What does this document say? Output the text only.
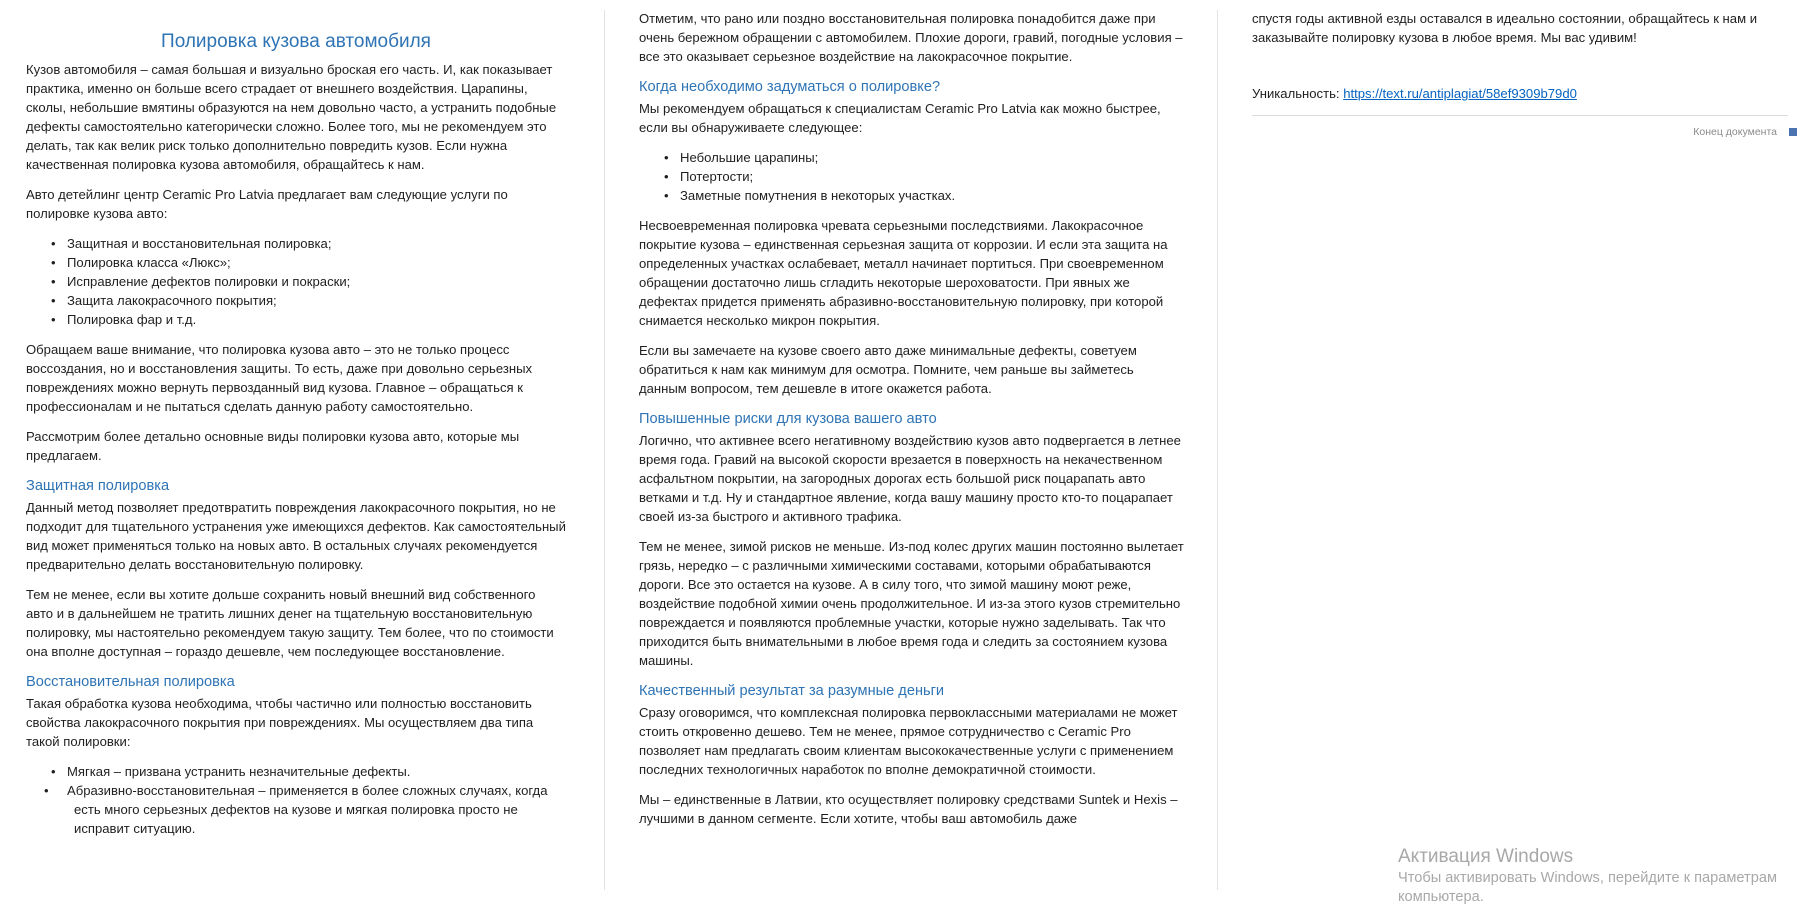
Полировка кузова автомобиля

Кузов автомобиля – самая большая и визуально броская его часть. И, как показывает практика, именно он больше всего страдает от внешнего воздействия. Царапины, сколы, небольшие вмятины образуются на нем довольно часто, а устранить подобные дефекты самостоятельно категорически сложно. Более того, мы не рекомендуем это делать, так как велик риск только дополнительно повредить кузов. Если нужна качественная полировка кузова автомобиля, обращайтесь к нам.

Авто детейлинг центр Ceramic Pro Latvia предлагает вам следующие услуги по полировке кузова авто:

• Защитная и восстановительная полировка;
• Полировка класса «Люкс»;
• Исправление дефектов полировки и покраски;
• Защита лакокрасочного покрытия;
• Полировка фар и т.д.

Обращаем ваше внимание, что полировка кузова авто – это не только процесс воссоздания, но и восстановления защиты. То есть, даже при довольно серьезных повреждениях можно вернуть первозданный вид кузова. Главное – обращаться к профессионалам и не пытаться сделать данную работу самостоятельно.

Рассмотрим более детально основные виды полировки кузова авто, которые мы предлагаем.

Защитная полировка

Данный метод позволяет предотвратить повреждения лакокрасочного покрытия, но не подходит для тщательного устранения уже имеющихся дефектов. Как самостоятельный вид может применяться только на новых авто. В остальных случаях рекомендуется предварительно делать восстановительную полировку.

Тем не менее, если вы хотите дольше сохранить новый внешний вид собственного авто и в дальнейшем не тратить лишних денег на тщательную восстановительную полировку, мы настоятельно рекомендуем такую защиту. Тем более, что по стоимости она вполне доступная – гораздо дешевле, чем последующее восстановление.

Восстановительная полировка

Такая обработка кузова необходима, чтобы частично или полностью восстановить свойства лакокрасочного покрытия при повреждениях. Мы осуществляем два типа такой полировки:

• Мягкая – призвана устранить незначительные дефекты.
• Абразивно-восстановительная – применяется в более сложных случаях, когда есть много серьезных дефектов на кузове и мягкая полировка просто не исправит ситуацию.

Отметим, что рано или поздно восстановительная полировка понадобится даже при очень бережном обращении с автомобилем. Плохие дороги, гравий, погодные условия – все это оказывает серьезное воздействие на лакокрасочное покрытие.

Когда необходимо задуматься о полировке?

Мы рекомендуем обращаться к специалистам Ceramic Pro Latvia как можно быстрее, если вы обнаруживаете следующее:

• Небольшие царапины;
• Потертости;
• Заметные помутнения в некоторых участках.

Несвоевременная полировка чревата серьезными последствиями. Лакокрасочное покрытие кузова – единственная серьезная защита от коррозии. И если эта защита на определенных участках ослабевает, металл начинает портиться. При своевременном обращении достаточно лишь сгладить некоторые шероховатости. При явных же дефектах придется применять абразивно-восстановительную полировку, при которой снимается несколько микрон покрытия.

Если вы замечаете на кузове своего авто даже минимальные дефекты, советуем обратиться к нам как минимум для осмотра. Помните, чем раньше вы займетесь данным вопросом, тем дешевле в итоге окажется работа.

Повышенные риски для кузова вашего авто

Логично, что активнее всего негативному воздействию кузов авто подвергается в летнее время года. Гравий на высокой скорости врезается в поверхность на некачественном асфальтном покрытии, на загородных дорогах есть большой риск поцарапать авто ветками и т.д. Ну и стандартное явление, когда вашу машину просто кто-то поцарапает своей из-за быстрого и активного трафика.

Тем не менее, зимой рисков не меньше. Из-под колес других машин постоянно вылетает грязь, нередко – с различными химическими составами, которыми обрабатываются дороги. Все это остается на кузове. А в силу того, что зимой машину моют реже, воздействие подобной химии очень продолжительное. И из-за этого кузов стремительно повреждается и появляются проблемные участки, которые нужно заделывать. Так что приходится быть внимательными в любое время года и следить за состоянием кузова машины.

Качественный результат за разумные деньги

Сразу оговоримся, что комплексная полировка первоклассными материалами не может стоить откровенно дешево. Тем не менее, прямое сотрудничество с Ceramic Pro позволяет нам предлагать своим клиентам высококачественные услуги с применением последних технологичных наработок по вполне демократичной стоимости.

Мы – единственные в Латвии, кто осуществляет полировку средствами Suntek и Hexis – лучшими в данном сегменте. Если хотите, чтобы ваш автомобиль даже

спустя годы активной езды оставался в идеально состоянии, обращайтесь к нам и заказывайте полировку кузова в любое время. Мы вас удивим!

Уникальность: https://text.ru/antiplagiat/58ef9309b79d0

Конец документа
Активация Windows
Чтобы активировать Windows, перейдите к параметрам компьютера.
